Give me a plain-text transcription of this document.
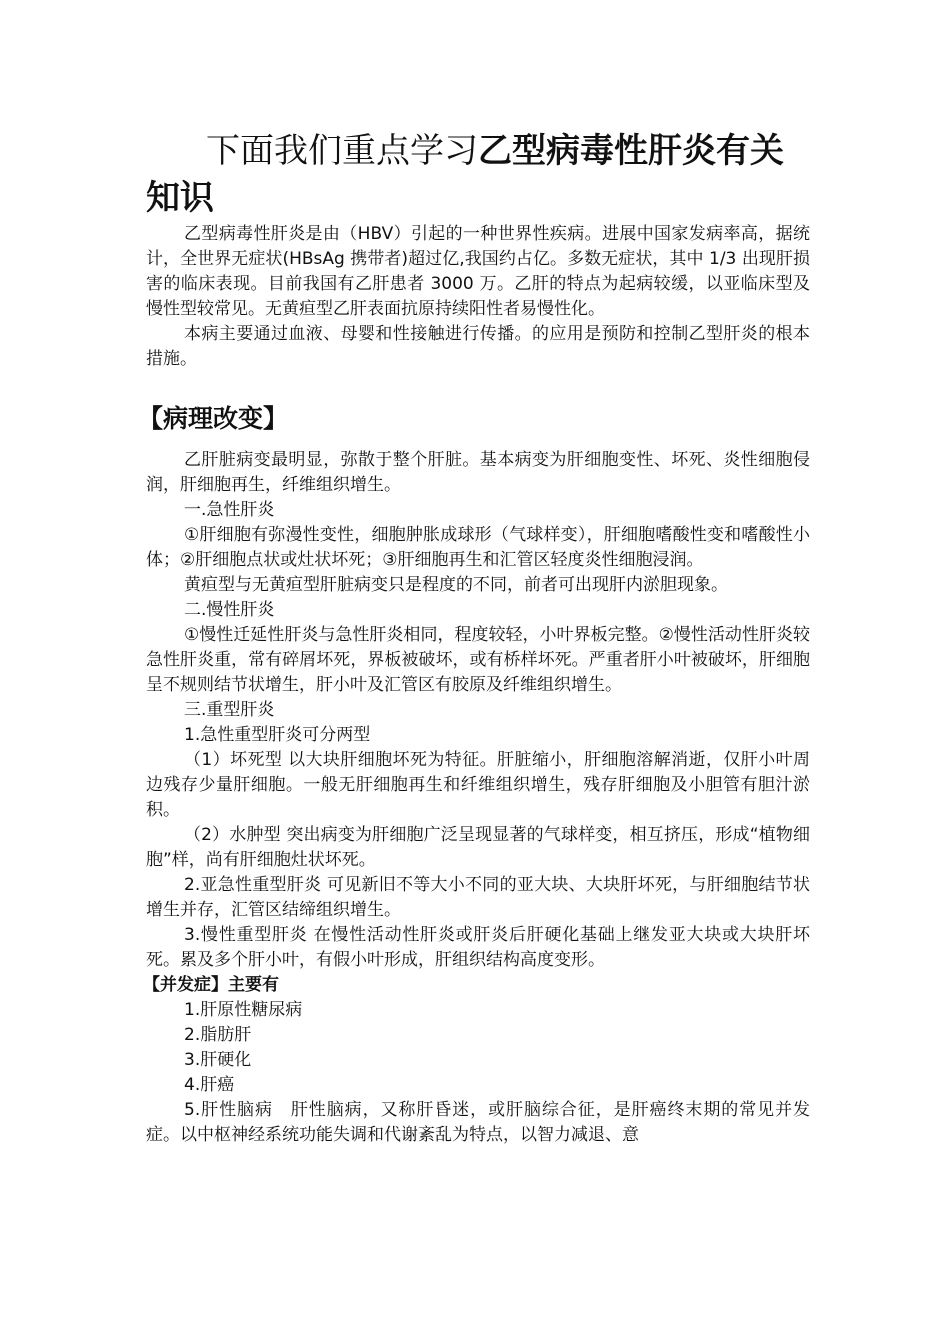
下面我们重点学习乙型病毒性肝炎有关知识

乙型病毒性肝炎是由（HBV）引起的一种世界性疾病。进展中国家发病率高，据统计，全世界无症状(HBsAg 携带者)超过亿,我国约占亿。多数无症状，其中 1/3 出现肝损害的临床表现。目前我国有乙肝患者 3000 万。乙肝的特点为起病较缓，以亚临床型及慢性型较常见。无黄疸型乙肝表面抗原持续阳性者易慢性化。

本病主要通过血液、母婴和性接触进行传播。的应用是预防和控制乙型肝炎的根本措施。

【病理改变】

乙肝脏病变最明显，弥散于整个肝脏。基本病变为肝细胞变性、坏死、炎性细胞侵润，肝细胞再生，纤维组织增生。

一.急性肝炎

①肝细胞有弥漫性变性，细胞肿胀成球形（气球样变），肝细胞嗜酸性变和嗜酸性小体；②肝细胞点状或灶状坏死；③肝细胞再生和汇管区轻度炎性细胞浸润。

黄疸型与无黄疸型肝脏病变只是程度的不同，前者可出现肝内淤胆现象。

二.慢性肝炎

①慢性迁延性肝炎与急性肝炎相同，程度较轻，小叶界板完整。②慢性活动性肝炎较急性肝炎重，常有碎屑坏死，界板被破坏，或有桥样坏死。严重者肝小叶被破坏，肝细胞呈不规则结节状增生，肝小叶及汇管区有胶原及纤维组织增生。

三.重型肝炎

1.急性重型肝炎可分两型

（1）坏死型 以大块肝细胞坏死为特征。肝脏缩小，肝细胞溶解消逝，仅肝小叶周边残存少量肝细胞。一般无肝细胞再生和纤维组织增生，残存肝细胞及小胆管有胆汁淤积。

（2）水肿型 突出病变为肝细胞广泛呈现显著的气球样变，相互挤压，形成“植物细胞”样，尚有肝细胞灶状坏死。

2.亚急性重型肝炎 可见新旧不等大小不同的亚大块、大块肝坏死，与肝细胞结节状增生并存，汇管区结缔组织增生。

3.慢性重型肝炎 在慢性活动性肝炎或肝炎后肝硬化基础上继发亚大块或大块肝坏死。累及多个肝小叶，有假小叶形成，肝组织结构高度变形。

【并发症】主要有

1.肝原性糖尿病

2.脂肪肝

3.肝硬化

4.肝癌

5.肝性脑病　肝性脑病，又称肝昏迷，或肝脑综合征，是肝癌终末期的常见并发症。以中枢神经系统功能失调和代谢紊乱为特点，以智力减退、意
